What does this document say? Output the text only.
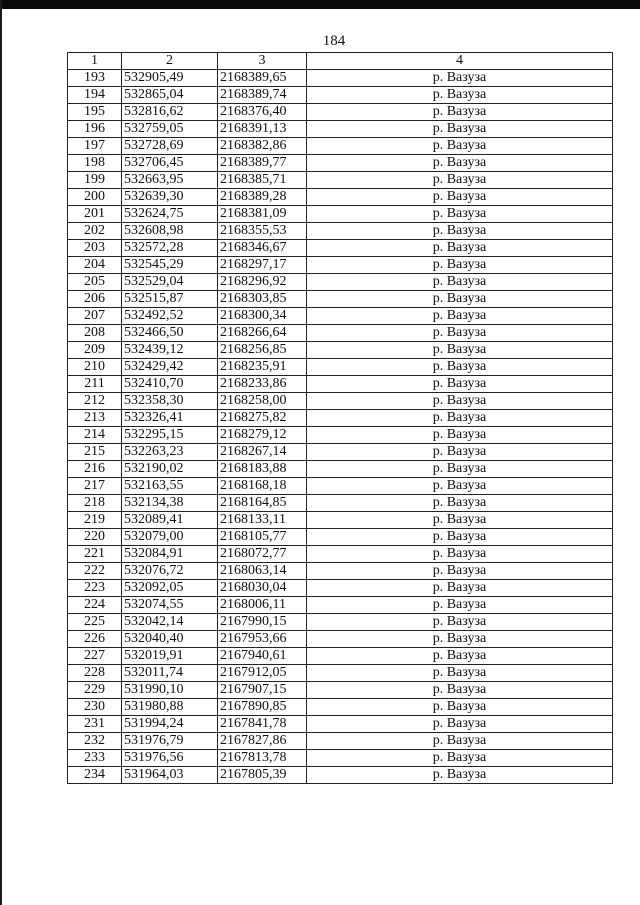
184
1	2	3	4
193	532905,49	2168389,65	р. Вазуза
194	532865,04	2168389,74	р. Вазуза
195	532816,62	2168376,40	р. Вазуза
196	532759,05	2168391,13	р. Вазуза
197	532728,69	2168382,86	р. Вазуза
198	532706,45	2168389,77	р. Вазуза
199	532663,95	2168385,71	р. Вазуза
200	532639,30	2168389,28	р. Вазуза
201	532624,75	2168381,09	р. Вазуза
202	532608,98	2168355,53	р. Вазуза
203	532572,28	2168346,67	р. Вазуза
204	532545,29	2168297,17	р. Вазуза
205	532529,04	2168296,92	р. Вазуза
206	532515,87	2168303,85	р. Вазуза
207	532492,52	2168300,34	р. Вазуза
208	532466,50	2168266,64	р. Вазуза
209	532439,12	2168256,85	р. Вазуза
210	532429,42	2168235,91	р. Вазуза
211	532410,70	2168233,86	р. Вазуза
212	532358,30	2168258,00	р. Вазуза
213	532326,41	2168275,82	р. Вазуза
214	532295,15	2168279,12	р. Вазуза
215	532263,23	2168267,14	р. Вазуза
216	532190,02	2168183,88	р. Вазуза
217	532163,55	2168168,18	р. Вазуза
218	532134,38	2168164,85	р. Вазуза
219	532089,41	2168133,11	р. Вазуза
220	532079,00	2168105,77	р. Вазуза
221	532084,91	2168072,77	р. Вазуза
222	532076,72	2168063,14	р. Вазуза
223	532092,05	2168030,04	р. Вазуза
224	532074,55	2168006,11	р. Вазуза
225	532042,14	2167990,15	р. Вазуза
226	532040,40	2167953,66	р. Вазуза
227	532019,91	2167940,61	р. Вазуза
228	532011,74	2167912,05	р. Вазуза
229	531990,10	2167907,15	р. Вазуза
230	531980,88	2167890,85	р. Вазуза
231	531994,24	2167841,78	р. Вазуза
232	531976,79	2167827,86	р. Вазуза
233	531976,56	2167813,78	р. Вазуза
234	531964,03	2167805,39	р. Вазуза
